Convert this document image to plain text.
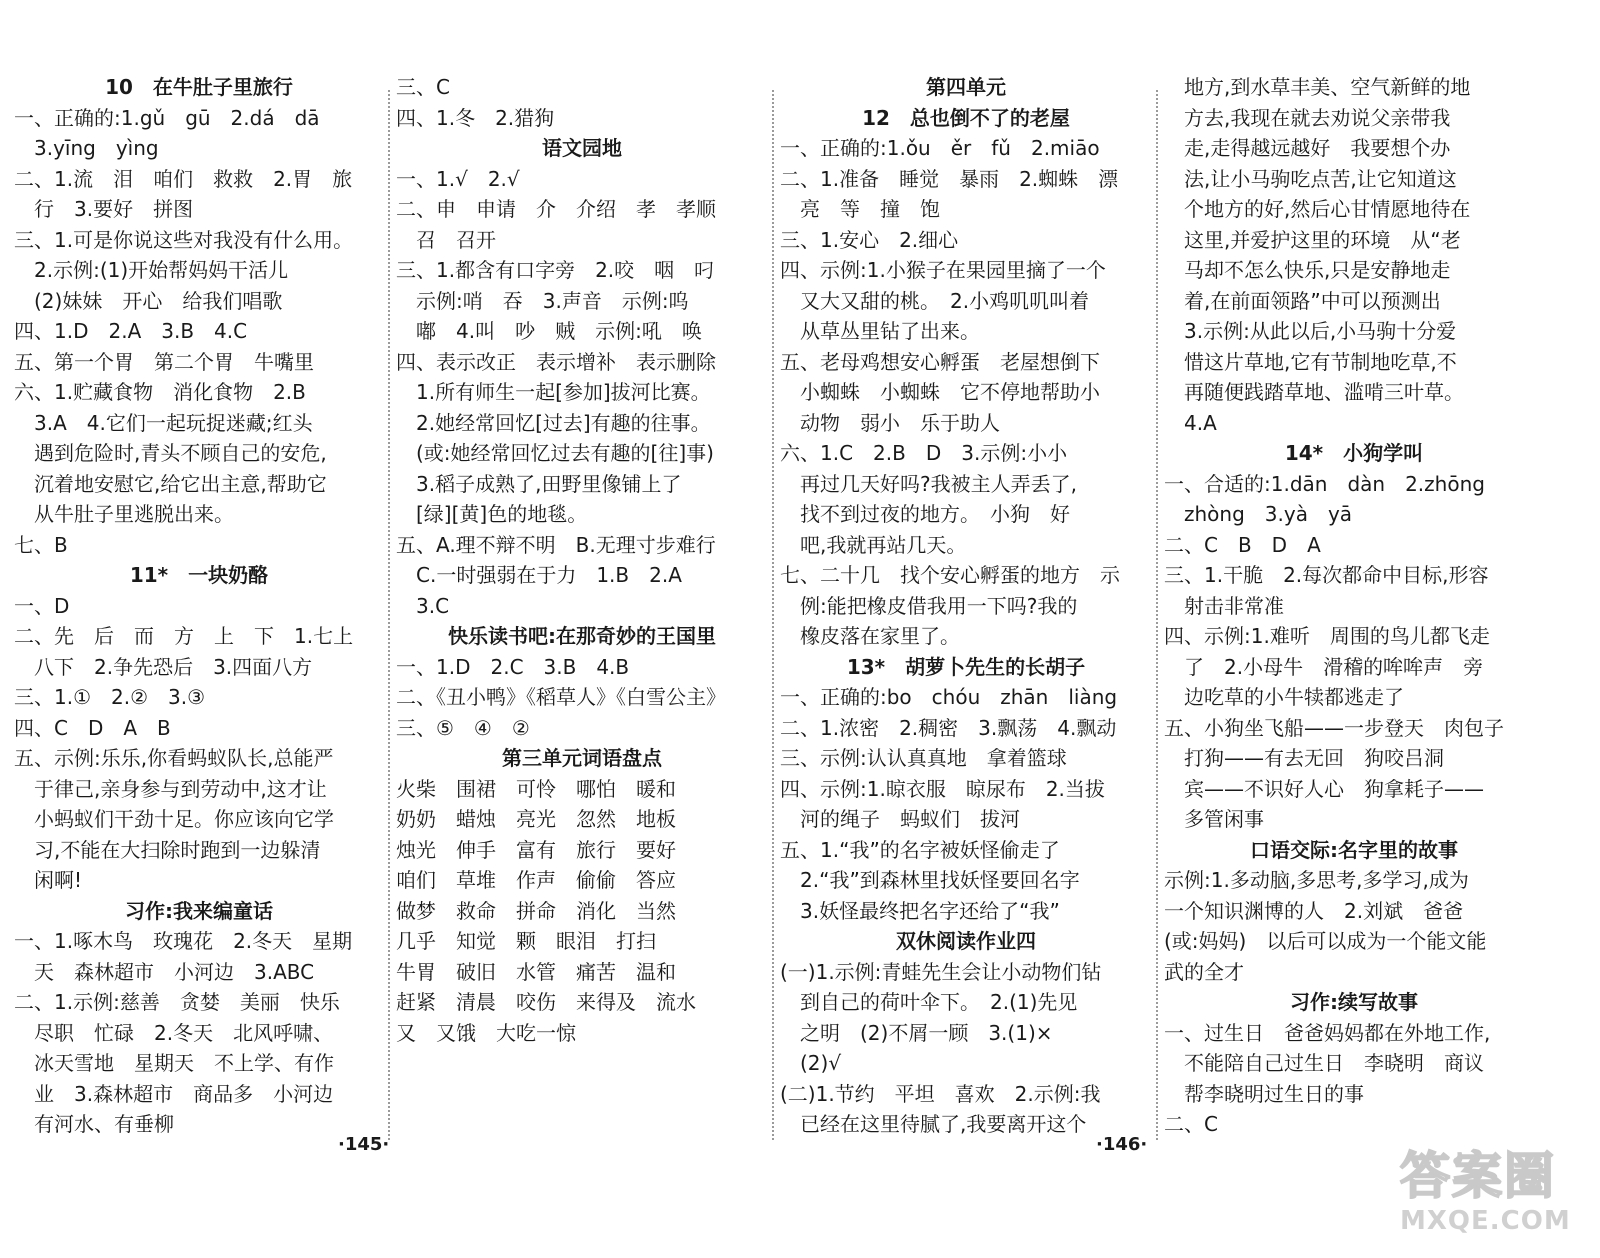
10　在牛肚子里旅行
一、正确的:1.gǔ　gū　2.dá　dā
　3.yīng　yìng
二、1.流　泪　咱们　救救　2.胃　旅
　行　3.要好　拼图
三、1.可是你说这些对我没有什么用。
　2.示例:(1)开始帮妈妈干活儿
　(2)妹妹　开心　给我们唱歌
四、1.D　2.A　3.B　4.C
五、第一个胃　第二个胃　牛嘴里
六、1.贮藏食物　消化食物　2.B
　3.A　4.它们一起玩捉迷藏;红头
　遇到危险时,青头不顾自己的安危,
　沉着地安慰它,给它出主意,帮助它
　从牛肚子里逃脱出来。
七、B
11*　一块奶酪
一、D
二、先　后　而　方　上　下　1.七上
　八下　2.争先恐后　3.四面八方
三、1.①　2.②　3.③
四、C　D　A　B
五、示例:乐乐,你看蚂蚁队长,总能严
　于律己,亲身参与到劳动中,这才让
　小蚂蚁们干劲十足。你应该向它学
　习,不能在大扫除时跑到一边躲清
　闲啊!
习作:我来编童话
一、1.啄木鸟　玫瑰花　2.冬天　星期
　天　森林超市　小河边　3.ABC
二、1.示例:慈善　贪婪　美丽　快乐
　尽职　忙碌　2.冬天　北风呼啸、
　冰天雪地　星期天　不上学、有作
　业　3.森林超市　商品多　小河边
　有河水、有垂柳
三、C
四、1.冬　2.猎狗
语文园地
一、1.√　2.√
二、申　申请　介　介绍　孝　孝顺
　召　召开
三、1.都含有口字旁　2.咬　咽　叼
　示例:哨　吞　3.声音　示例:呜
　嘟　4.叫　吵　贼　示例:吼　唤
四、表示改正　表示增补　表示删除
　1.所有师生一起[参加]拔河比赛。
　2.她经常回忆[过去]有趣的往事。
　(或:她经常回忆过去有趣的[往]事)
　3.稻子成熟了,田野里像铺上了
　[绿][黄]色的地毯。
五、A.理不辩不明　B.无理寸步难行
　C.一时强弱在于力　1.B　2.A
　3.C
快乐读书吧:在那奇妙的王国里
一、1.D　2.C　3.B　4.B
二、《丑小鸭》《稻草人》《白雪公主》
三、⑤　④　②
第三单元词语盘点
火柴　围裙　可怜　哪怕　暖和
奶奶　蜡烛　亮光　忽然　地板
烛光　伸手　富有　旅行　要好
咱们　草堆　作声　偷偷　答应
做梦　救命　拼命　消化　当然
几乎　知觉　颗　眼泪　打扫
牛胃　破旧　水管　痛苦　温和
赶紧　清晨　咬伤　来得及　流水
又　又饿　大吃一惊
第四单元
12　总也倒不了的老屋
一、正确的:1.ǒu　ěr　fǔ　2.miāo
二、1.准备　睡觉　暴雨　2.蜘蛛　漂
　亮　等　撞　饱
三、1.安心　2.细心
四、示例:1.小猴子在果园里摘了一个
　又大又甜的桃。　2.小鸡叽叽叫着
　从草丛里钻了出来。
五、老母鸡想安心孵蛋　老屋想倒下
　小蜘蛛　小蜘蛛　它不停地帮助小
　动物　弱小　乐于助人
六、1.C　2.B　D　3.示例:小小
　再过几天好吗?我被主人弄丢了,
　找不到过夜的地方。　小狗　好
　吧,我就再站几天。
七、二十几　找个安心孵蛋的地方　示
　例:能把橡皮借我用一下吗?我的
　橡皮落在家里了。
13*　胡萝卜先生的长胡子
一、正确的:bo　chóu　zhān　liàng
二、1.浓密　2.稠密　3.飘荡　4.飘动
三、示例:认认真真地　拿着篮球
四、示例:1.晾衣服　晾尿布　2.当拔
　河的绳子　蚂蚁们　拔河
五、1.“我”的名字被妖怪偷走了
　2.“我”到森林里找妖怪要回名字
　3.妖怪最终把名字还给了“我”
双休阅读作业四
(一)1.示例:青蛙先生会让小动物们钻
　到自己的荷叶伞下。　2.(1)先见
　之明　(2)不屑一顾　3.(1)×
　(2)√
(二)1.节约　平坦　喜欢　2.示例:我
　已经在这里待腻了,我要离开这个
　地方,到水草丰美、空气新鲜的地
　方去,我现在就去劝说父亲带我
　走,走得越远越好　我要想个办
　法,让小马驹吃点苦,让它知道这
　个地方的好,然后心甘情愿地待在
　这里,并爱护这里的环境　从“老
　马却不怎么快乐,只是安静地走
　着,在前面领路”中可以预测出
　3.示例:从此以后,小马驹十分爱
　惜这片草地,它有节制地吃草,不
　再随便践踏草地、滥啃三叶草。
　4.A
14*　小狗学叫
一、合适的:1.dān　dàn　2.zhōng
　zhòng　3.yà　yā
二、C　B　D　A
三、1.干脆　2.每次都命中目标,形容
　射击非常准
四、示例:1.难听　周围的鸟儿都飞走
　了　2.小母牛　滑稽的哞哞声　旁
　边吃草的小牛犊都逃走了
五、小狗坐飞船——一步登天　肉包子
　打狗——有去无回　狗咬吕洞
　宾——不识好人心　狗拿耗子——
　多管闲事
口语交际:名字里的故事
示例:1.多动脑,多思考,多学习,成为
一个知识渊博的人　2.刘斌　爸爸
(或:妈妈)　以后可以成为一个能文能
武的全才
习作:续写故事
一、过生日　爸爸妈妈都在外地工作,
　不能陪自己过生日　李晓明　商议
　帮李晓明过生日的事
二、C
·145·	·146·
答案圈
MXQE.COM
